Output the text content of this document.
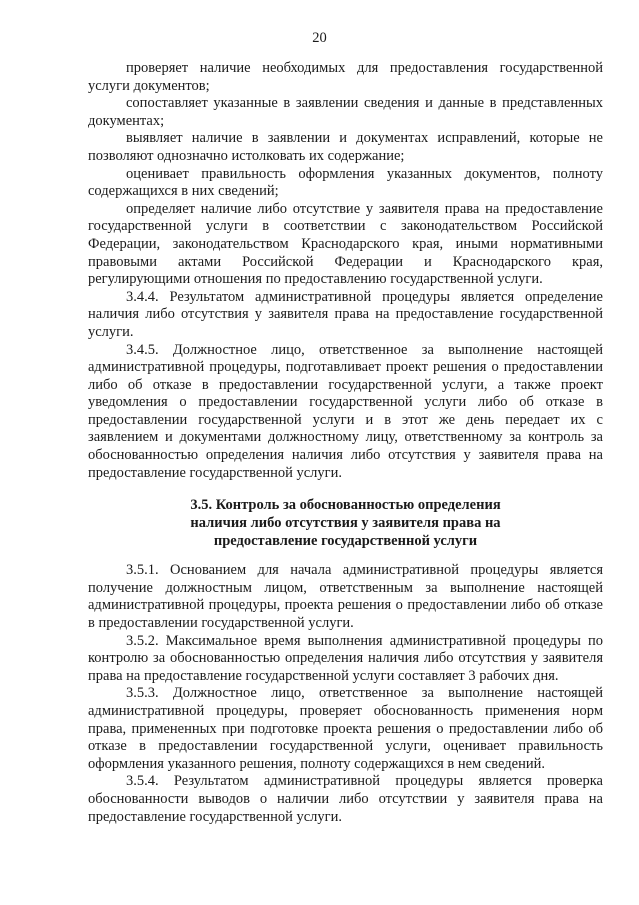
20

проверяет наличие необходимых для предоставления государственной услуги документов;

сопоставляет указанные в заявлении сведения и данные в представленных документах;

выявляет наличие в заявлении и документах исправлений, которые не позволяют однозначно истолковать их содержание;

оценивает правильность оформления указанных документов, полноту содержащихся в них сведений;

определяет наличие либо отсутствие у заявителя права на предоставление государственной услуги в соответствии с законодательством Российской Федерации, законодательством Краснодарского края, иными нормативными правовыми актами Российской Федерации и Краснодарского края, регулирующими отношения по предоставлению государственной услуги.

3.4.4. Результатом административной процедуры является определение наличия либо отсутствия у заявителя права на предоставление государственной услуги.

3.4.5. Должностное лицо, ответственное за выполнение настоящей административной процедуры, подготавливает проект решения о предоставлении либо об отказе в предоставлении государственной услуги, а также проект уведомления о предоставлении государственной услуги либо об отказе в предоставлении государственной услуги и в этот же день передает их с заявлением и документами должностному лицу, ответственному за контроль за обоснованностью определения наличия либо отсутствия у заявителя права на предоставление государственной услуги.

3.5. Контроль за обоснованностью определения
наличия либо отсутствия у заявителя права на
предоставление государственной услуги

3.5.1. Основанием для начала административной процедуры является получение должностным лицом, ответственным за выполнение настоящей административной процедуры, проекта решения о предоставлении либо об отказе в предоставлении государственной услуги.

3.5.2. Максимальное время выполнения административной процедуры по контролю за обоснованностью определения наличия либо отсутствия у заявителя права на предоставление государственной услуги составляет 3 рабочих дня.

3.5.3. Должностное лицо, ответственное за выполнение настоящей административной процедуры, проверяет обоснованность применения норм права, примененных при подготовке проекта решения о предоставлении либо об отказе в предоставлении государственной услуги, оценивает правильность оформления указанного решения, полноту содержащихся в нем сведений.

3.5.4. Результатом административной процедуры является проверка обоснованности выводов о наличии либо отсутствии у заявителя права на предоставление государственной услуги.
